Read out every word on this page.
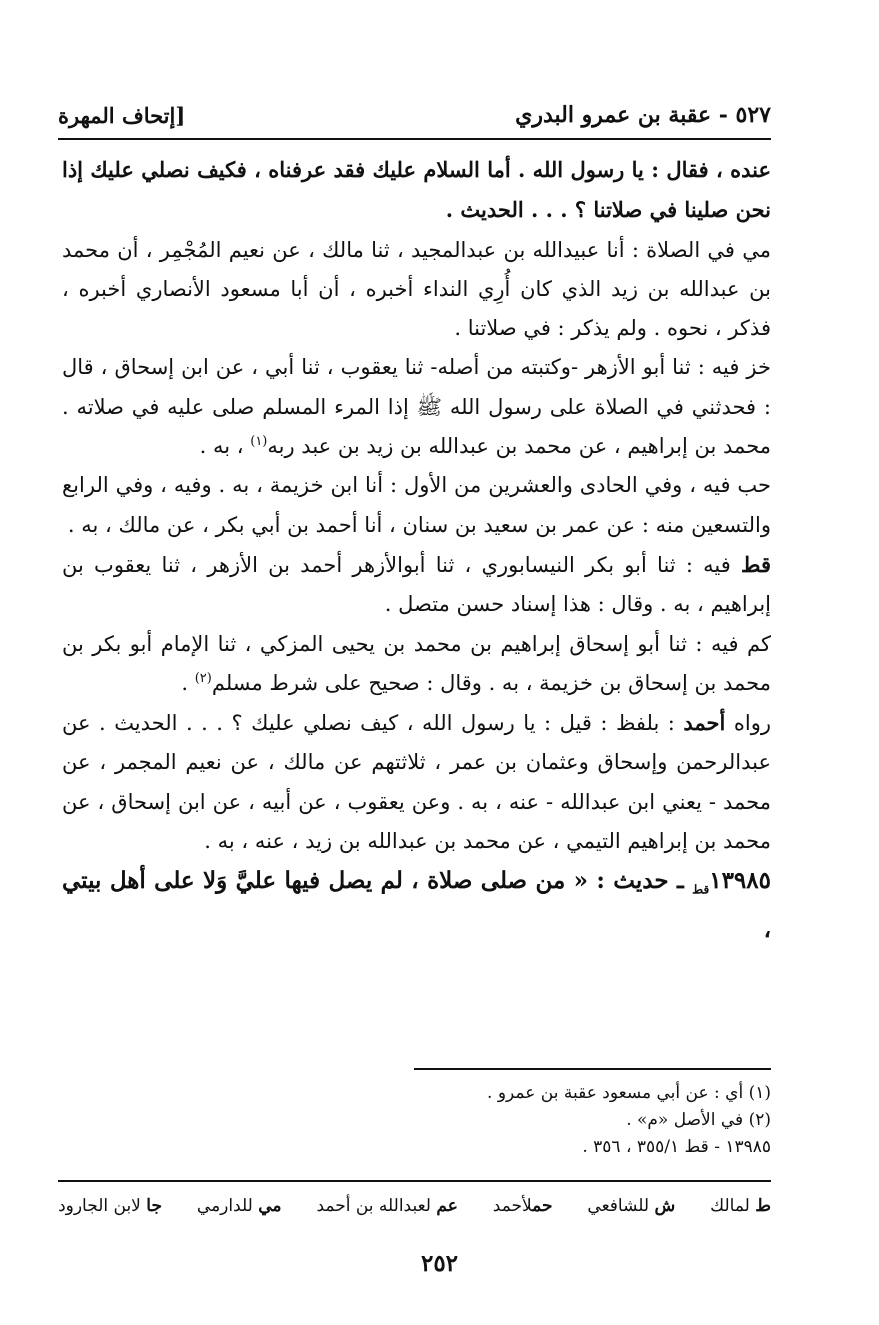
٥٢٧ - عقبة بن عمرو البدري
[إتحاف المهرة

عنده ، فقال : يا رسول الله . أما السلام عليك فقد عرفناه ، فكيف نصلي عليك إذا نحن صلينا في صلاتنا ؟ . . . الحديث .

مي في الصلاة : أنا عبيدالله بن عبدالمجيد ، ثنا مالك ، عن نعيم المُجْمِر ، أن محمد بن عبدالله بن زيد الذي كان أُرِي النداء أخبره ، أن أبا مسعود الأنصاري أخبره ، فذكر ، نحوه . ولم يذكر : في صلاتنا .

خز فيه : ثنا أبو الأزهر -وكتبته من أصله- ثنا يعقوب ، ثنا أبي ، عن ابن إسحاق ، قال : فحدثني في الصلاة على رسول الله ﷺ إذا المرء المسلم صلى عليه في صلاته . محمد بن إبراهيم ، عن محمد بن عبدالله بن زيد بن عبد ربه$^{(١)}$ ، به .

حب فيه ، وفي الحادى والعشرين من الأول : أنا ابن خزيمة ، به . وفيه ، وفي الرابع والتسعين منه : عن عمر بن سعيد بن سنان ، أنا أحمد بن أبي بكر ، عن مالك ، به .

قط فيه : ثنا أبو بكر النيسابوري ، ثنا أبوالأزهر أحمد بن الأزهر ، ثنا يعقوب بن إبراهيم ، به . وقال : هذا إسناد حسن متصل .

كم فيه : ثنا أبو إسحاق إبراهيم بن محمد بن يحيى المزكي ، ثنا الإمام أبو بكر بن محمد بن إسحاق بن خزيمة ، به . وقال : صحيح على شرط مسلم$^{(٢)}$ .

رواه أحمد : بلفظ : قيل : يا رسول الله ، كيف نصلي عليك ؟ . . . الحديث . عن عبدالرحمن وإسحاق وعثمان بن عمر ، ثلاثتهم عن مالك ، عن نعيم المجمر ، عن محمد - يعني ابن عبدالله - عنه ، به . وعن يعقوب ، عن أبيه ، عن ابن إسحاق ، عن محمد بن إبراهيم التيمي ، عن محمد بن عبدالله بن زيد ، عنه ، به .

$١٣٩٨٥_{قط}$ ـ حديث : « من صلى صلاة ، لم يصل فيها عليَّ وَلا على أهل بيتي ،

(١) أي : عن أبي مسعود عقبة بن عمرو .

(٢) في الأصل «م» .

١٣٩٨٥ - قط ٣٥٥/١ ، ٣٥٦ .

ط لمالك
ش للشافعي
حملأحمد
عم لعبدالله بن أحمد
مي للدارمي
جا لابن الجارود
٢٥٢
